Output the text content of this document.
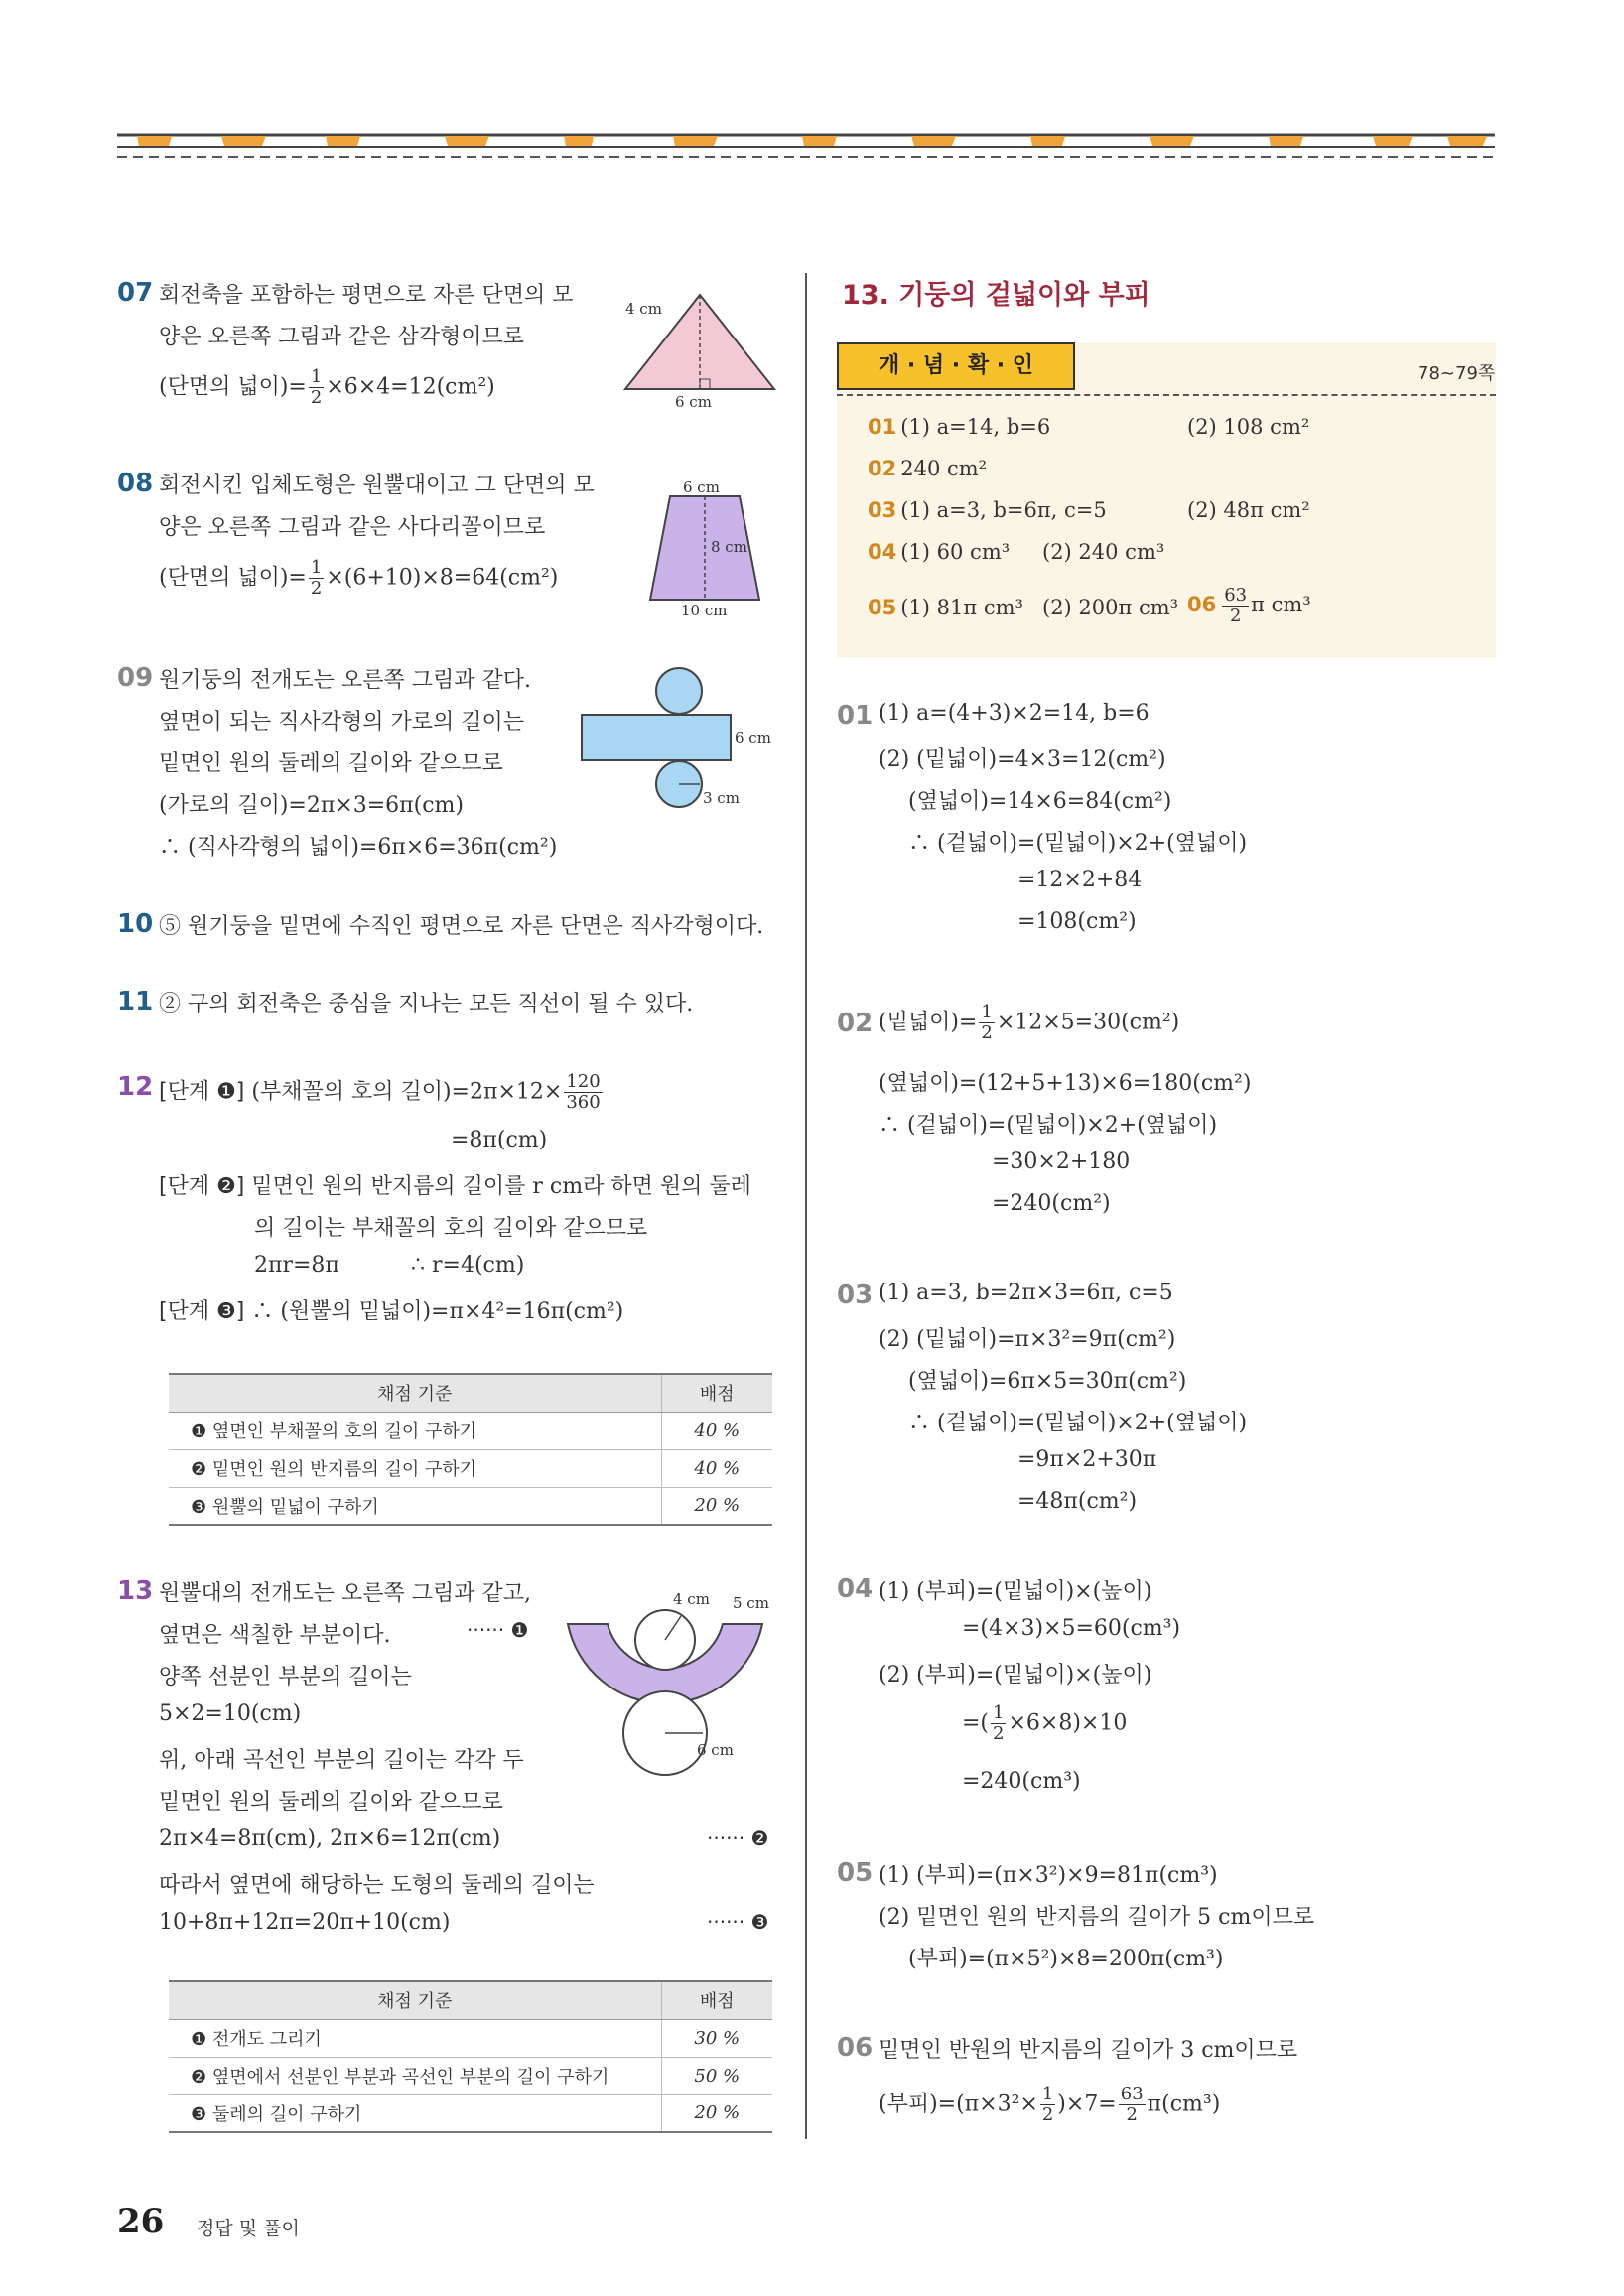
07 회전축을 포함하는 평면으로 자른 단면의 모
양은 오른쪽 그림과 같은 삼각형이므로
(단면의 넓이)= $\frac{1}{2} \times 6\times 4=12(cm^2)$
4 cm
6 cm
08 회전시킨 입체도형은 원뿔대이고 그 단면의 모
양은 오른쪽 그림과 같은 사다리꼴이므로
(단면의 넓이)= $\frac{1}{2} \times(6+10)\times 8=64(cm^2)$
6 cm
8 cm
10 cm
09 원기둥의 전개도는 오른쪽 그림과 같다.
옆면이 되는 직사각형의 가로의 길이는
밑면인 원의 둘레의 길이와 같으므로
(가로의 길이)=2π×3=6π(cm)
∴ (직사각형의 넓이)=6π×6=36π(cm²)
6 cm
3 cm
10 ⑤ 원기둥을 밑면에 수직인 평면으로 자른 단면은 직사각형이다.
11 ② 구의 회전축은 중심을 지나는 모든 직선이 될 수 있다.
12 [단계 ❶] (부채꼴의 호의 길이)$=2\pi\times 12\times \frac{120}{360}$
=8π(cm)
[단계 ❷] 밑면인 원의 반지름의 길이를 r cm라 하면 원의 둘레
의 길이는 부채꼴의 호의 길이와 같으므로
2πr=8π	∴ r=4(cm)
[단계 ❸] ∴ (원뿔의 밑넓이)=π×4²=16π(cm²)
채점 기준	배점
❶ 옆면인 부채꼴의 호의 길이 구하기	40 %
❷ 밑면인 원의 반지름의 길이 구하기	40 %
❸ 원뿔의 밑넓이 구하기	20 %
13 원뿔대의 전개도는 오른쪽 그림과 같고,
옆면은 색칠한 부분이다.	······ ❶
양쪽 선분인 부분의 길이는
5×2=10(cm)
위, 아래 곡선인 부분의 길이는 각각 두
밑면인 원의 둘레의 길이와 같으므로
2π×4=8π(cm), 2π×6=12π(cm)	······ ❷
따라서 옆면에 해당하는 도형의 둘레의 길이는
10+8π+12π=20π+10(cm)	······ ❸
4 cm 5 cm
6 cm
채점 기준	배점
❶ 전개도 그리기	30 %
❷ 옆면에서 선분인 부분과 곡선인 부분의 길이 구하기	50 %
❸ 둘레의 길이 구하기	20 %
13. 기둥의 겉넓이와 부피
개 · 념 · 확 · 인	78~79쪽
01 (1) a=14, b=6	(2) 108 cm²
02 240 cm²
03 (1) a=3, b=6π, c=5	(2) 48π cm²
04 (1) 60 cm³ (2) 240 cm³
05 (1) 81π cm³ (2) 200π cm³ $06 \frac{63}{2}$ π cm³
01 (1) a=(4+3)×2=14, b=6
(2) (밑넓이)=4×3=12(cm²)
(옆넓이)=14×6=84(cm²)
∴ (겉넓이)=(밑넓이)×2+(옆넓이)
=12×2+84
=108(cm²)
02 (밑넓이)= $\frac{1}{2} \times 12\times 5=30(cm^2)$
(옆넓이)=(12+5+13)×6=180(cm²)
∴ (겉넓이)=(밑넓이)×2+(옆넓이)
=30×2+180
=240(cm²)
03 (1) a=3, b=2π×3=6π, c=5
(2) (밑넓이)=π×3²=9π(cm²)
(옆넓이)=6π×5=30π(cm²)
∴ (겉넓이)=(밑넓이)×2+(옆넓이)
=9π×2+30π
=48π(cm²)
04 (1) (부피)=(밑넓이)×(높이)
=(4×3)×5=60(cm³)
(2) (부피)=(밑넓이)×(높이)
=( $\frac{1}{2} \times 6\times 8)\times 10$
=240(cm³)
05 (1) (부피)=(π×3²)×9=81π(cm³)
(2) 밑면인 원의 반지름의 길이가 5 cm이므로
(부피)=(π×5²)×8=200π(cm³)
06 밑면인 반원의 반지름의 길이가 3 cm이므로
(부피)$=(\pi\times 3^2\times \frac{1}{2} )\times 7= \frac{63}{2} \pi(cm^3)$
26 정답 및 풀이
